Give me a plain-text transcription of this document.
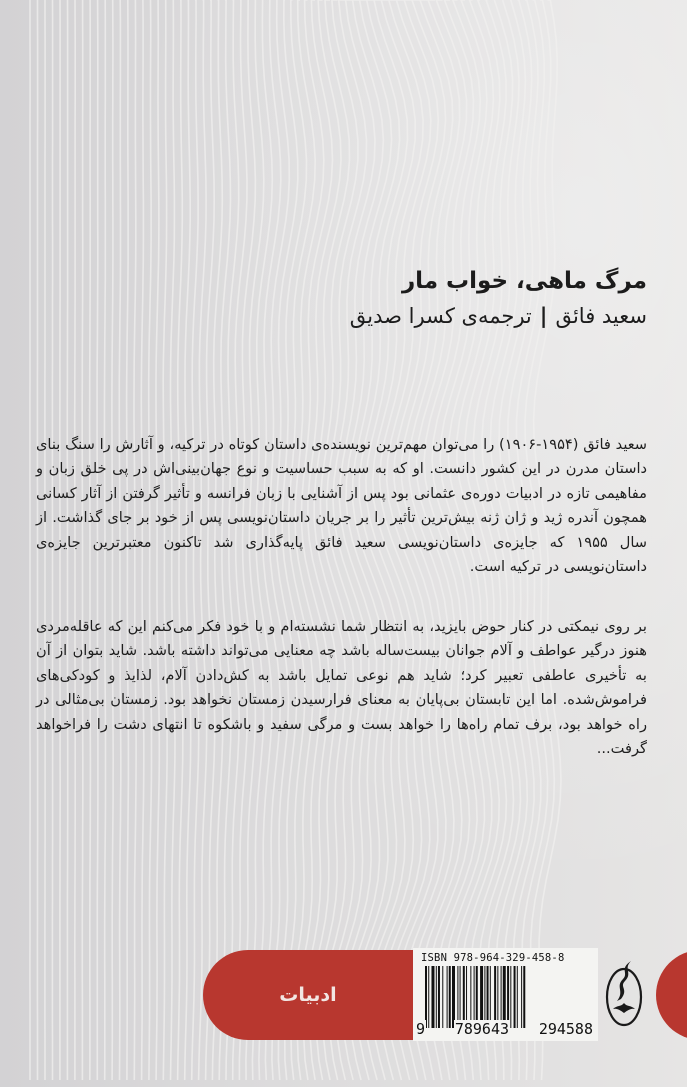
مرگ ماهی، خواب مار
سعید فائق|ترجمه‌ی کسرا صدیق

سعید فائق (۱۹۵۴-۱۹۰۶) را می‌توان مهم‌ترین نویسنده‌ی داستان کوتاه در ترکیه، و آثارش را سنگ بنای داستان مدرن در این کشور دانست. او که به سبب حساسیت و نوع جهان‌بینی‌اش در پی خلق زبان و مفاهیمی تازه در ادبیات دوره‌ی عثمانی بود پس از آشنایی با زبان فرانسه و تأثیر گرفتن از آثار کسانی همچون آندره ژید و ژان ژنه بیش‌ترین تأثیر را بر جریان داستان‌نویسی پس از خود بر جای گذاشت. از سال ۱۹۵۵ که جایزه‌ی داستان‌نویسی سعید فائق پایه‌گذاری شد تاکنون معتبرترین جایزه‌ی داستان‌نویسی در ترکیه است.

بر روی نیمکتی در کنار حوض بایزید، به انتظار شما نشسته‌ام و با خود فکر می‌کنم این که عاقله‌مردی هنوز درگیر عواطف و آلام جوانان بیست‌ساله باشد چه معنایی می‌تواند داشته باشد. شاید بتوان از آن به تأخیری عاطفی تعبیر کرد؛ شاید هم نوعی تمایل باشد به کش‌دادن آلام، لذایذ و کودکی‌های فراموش‌شده. اما این تابستان بی‌پایان به معنای فرارسیدن زمستان نخواهد بود. زمستان بی‌مثالی در راه خواهد بود، برف تمام راه‌ها را خواهد بست و مرگی سفید و باشکوه تا انتهای دشت را فراخواهد گرفت...

ادبیات
ISBN 978-964-329-458-8
9 789643 294588
